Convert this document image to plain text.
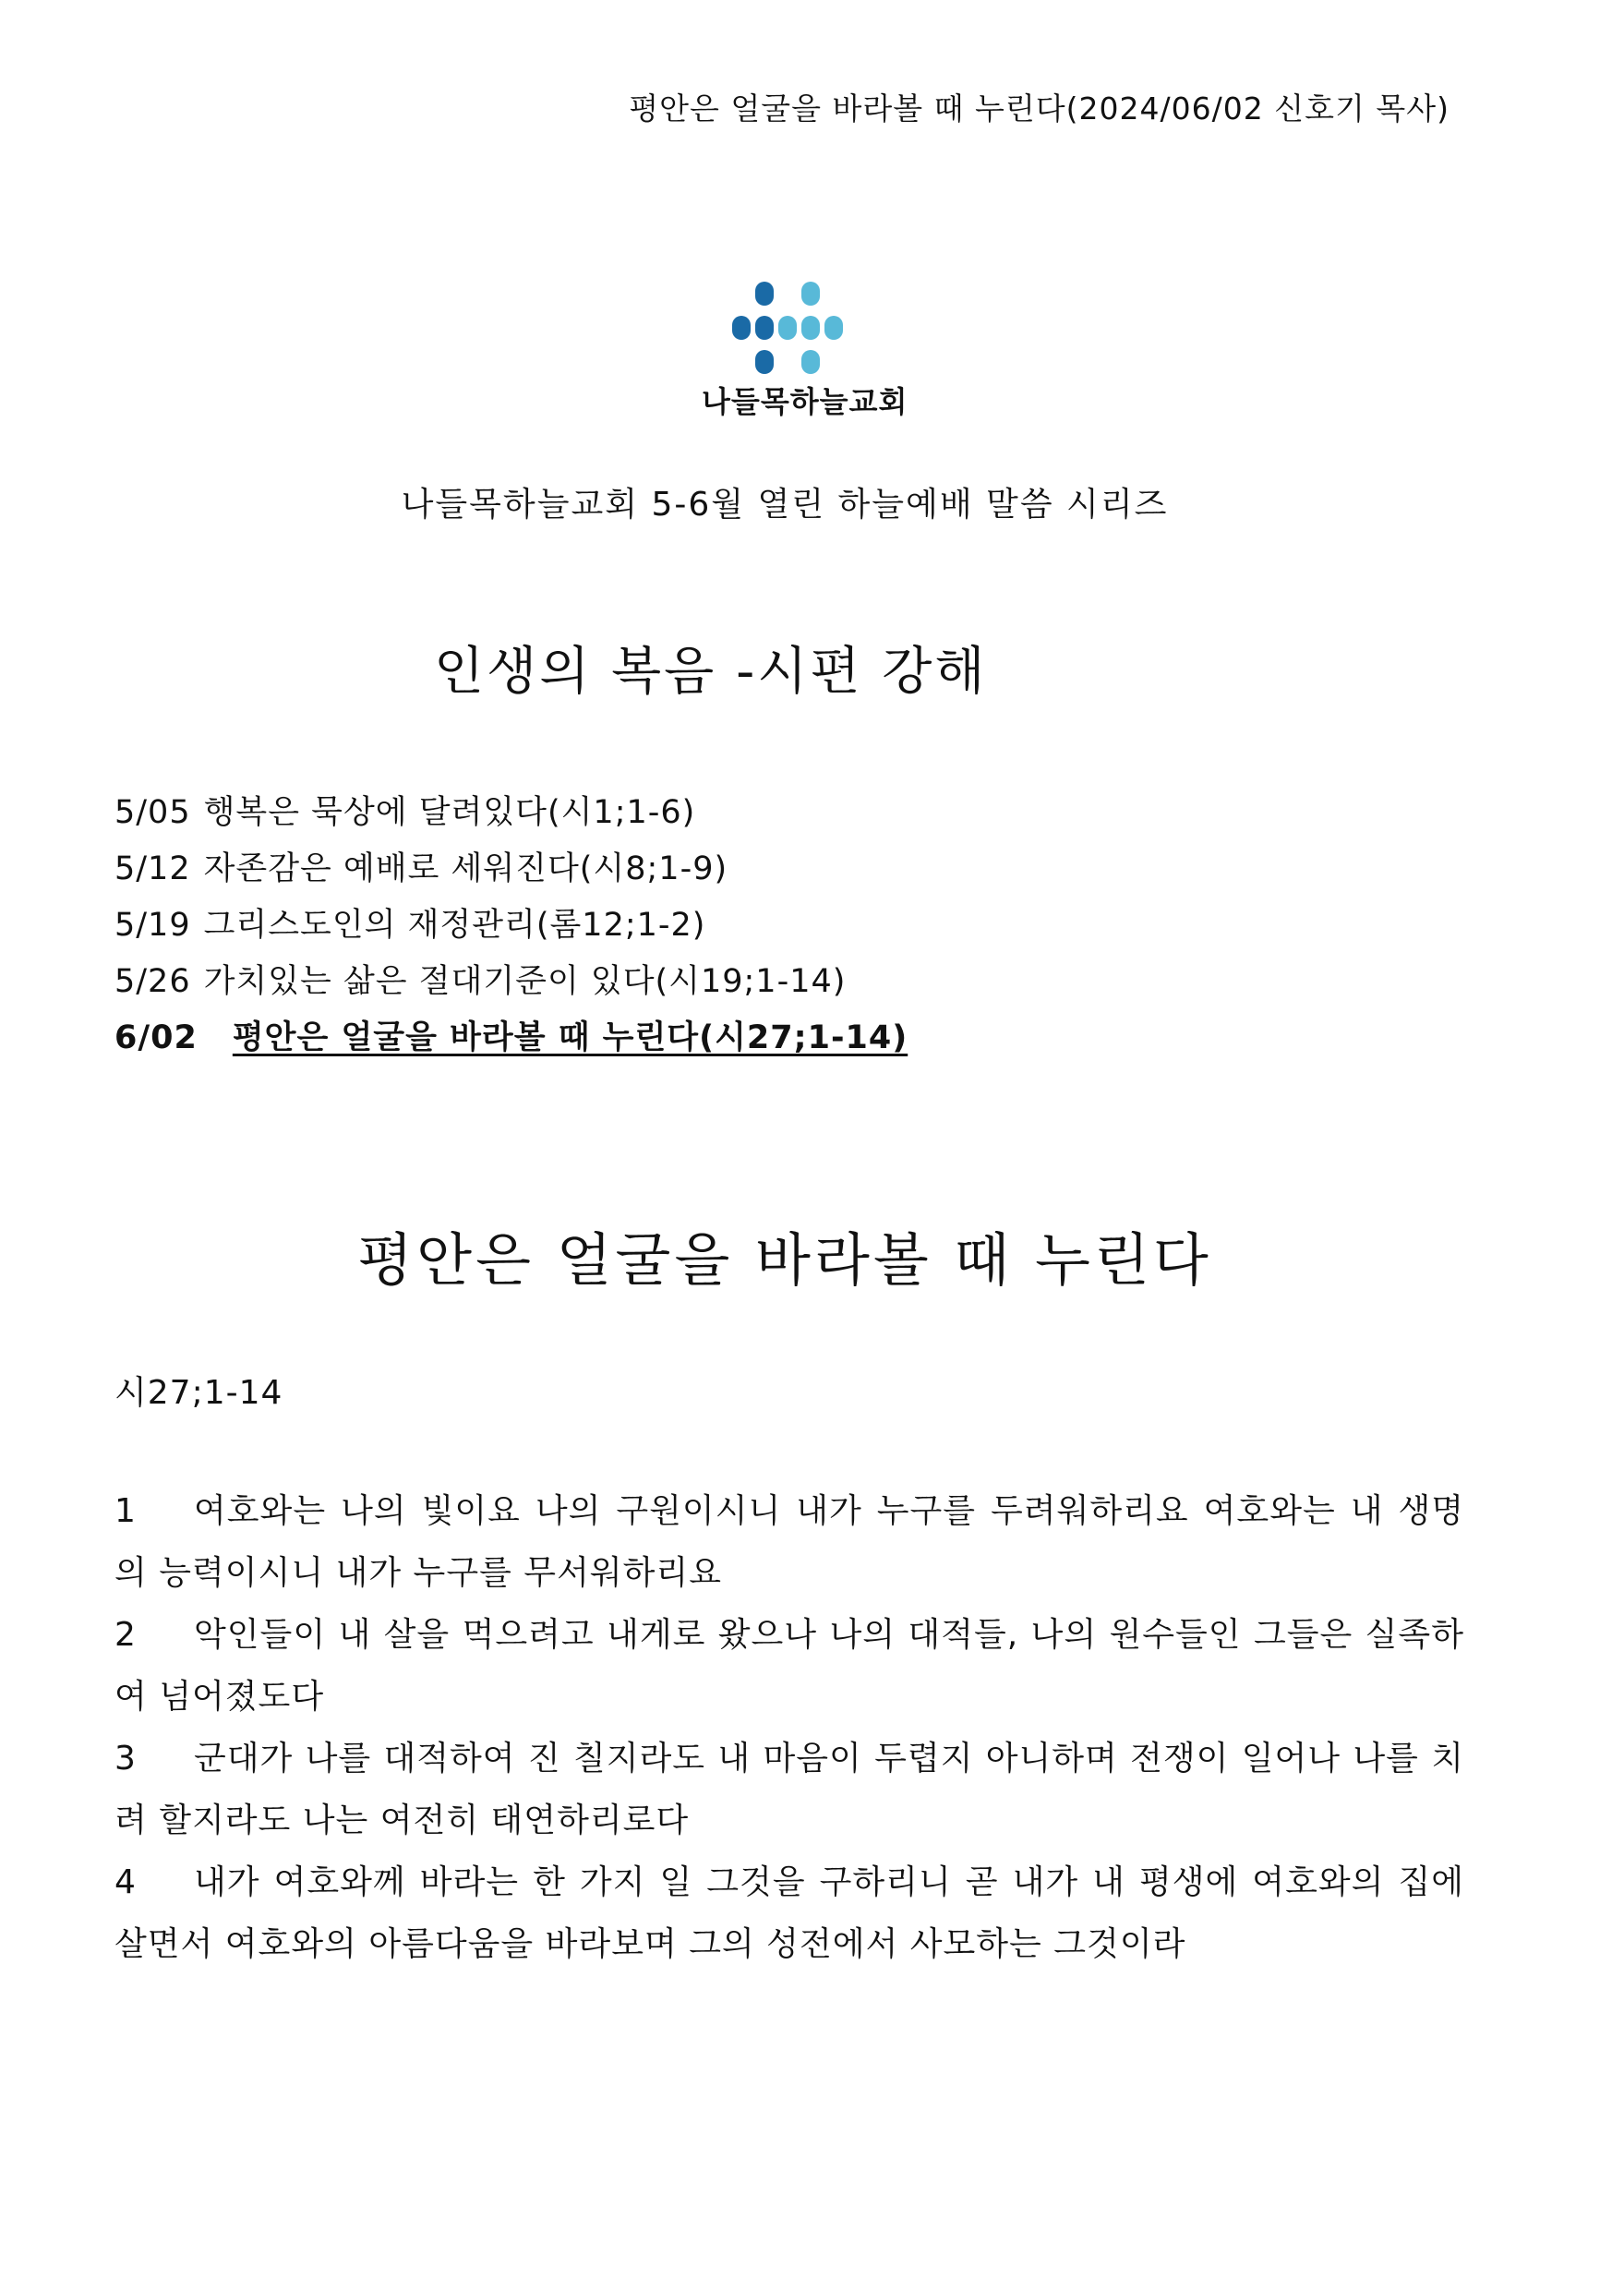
평안은 얼굴을 바라볼 때 누린다(2024/06/02 신호기 목사)
나들목하늘교회
나들목하늘교회 5-6월 열린 하늘예배 말씀 시리즈
인생의 복음 -시편 강해
5/05 행복은 묵상에 달려있다(시1;1-6)
5/12 자존감은 예배로 세워진다(시8;1-9)
5/19 그리스도인의 재정관리(롬12;1-2)
5/26 가치있는 삶은 절대기준이 있다(시19;1-14)
6/02 평안은 얼굴을 바라볼 때 누린다(시27;1-14)
평안은 얼굴을 바라볼 때 누린다
시27;1-14

1 여호와는 나의 빛이요 나의 구원이시니 내가 누구를 두려워하리요 여호와는 내 생명의 능력이시니 내가 누구를 무서워하리요

2 악인들이 내 살을 먹으려고 내게로 왔으나 나의 대적들, 나의 원수들인 그들은 실족하여 넘어졌도다

3 군대가 나를 대적하여 진 칠지라도 내 마음이 두렵지 아니하며 전쟁이 일어나 나를 치려 할지라도 나는 여전히 태연하리로다

4 내가 여호와께 바라는 한 가지 일 그것을 구하리니 곧 내가 내 평생에 여호와의 집에 살면서 여호와의 아름다움을 바라보며 그의 성전에서 사모하는 그것이라
